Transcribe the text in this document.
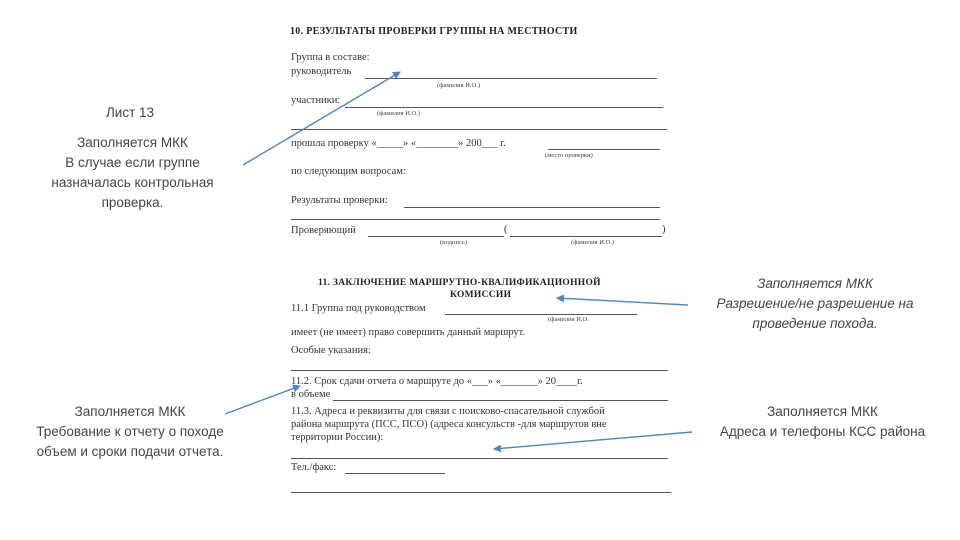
10. РЕЗУЛЬТАТЫ ПРОВЕРКИ ГРУППЫ НА МЕСТНОСТИ
Группа в составе:
руководитель
(фамилия И.О.)
участники:
(фамилия И.О.)
прошла проверку «_____» «________» 200___ г.
(место проверки)
по следующим вопросам:
Результаты проверки:
Проверяющий	(	)
(подпись)	(фамилия И.О.)
11. ЗАКЛЮЧЕНИЕ МАРШРУТНО-КВАЛИФИКАЦИОННОЙ
КОМИССИИ
11.1 Группа под руководством
(фамилия И.О.
имеет (не имеет) право совершить данный маршрут.
Особые указания:
11.2. Срок сдачи отчета о маршруте до «___» «_______» 20____г.
в объеме
11.3. Адреса и реквизиты для связи с поисково-спасательной службой
района маршрута (ПСС, ПСО) (адреса консульств -для маршрутов вне
территории России):
Тел./факс:
Лист 13
Заполняется МКК
В случае если группе
назначалась контрольная
проверка.
Заполняется МКК
Разрешение/не разрешение на
проведение похода.
Заполняется МКК
Требование к отчету о походе
объем и сроки подачи отчета.
Заполняется МКК
Адреса и телефоны КСС района
